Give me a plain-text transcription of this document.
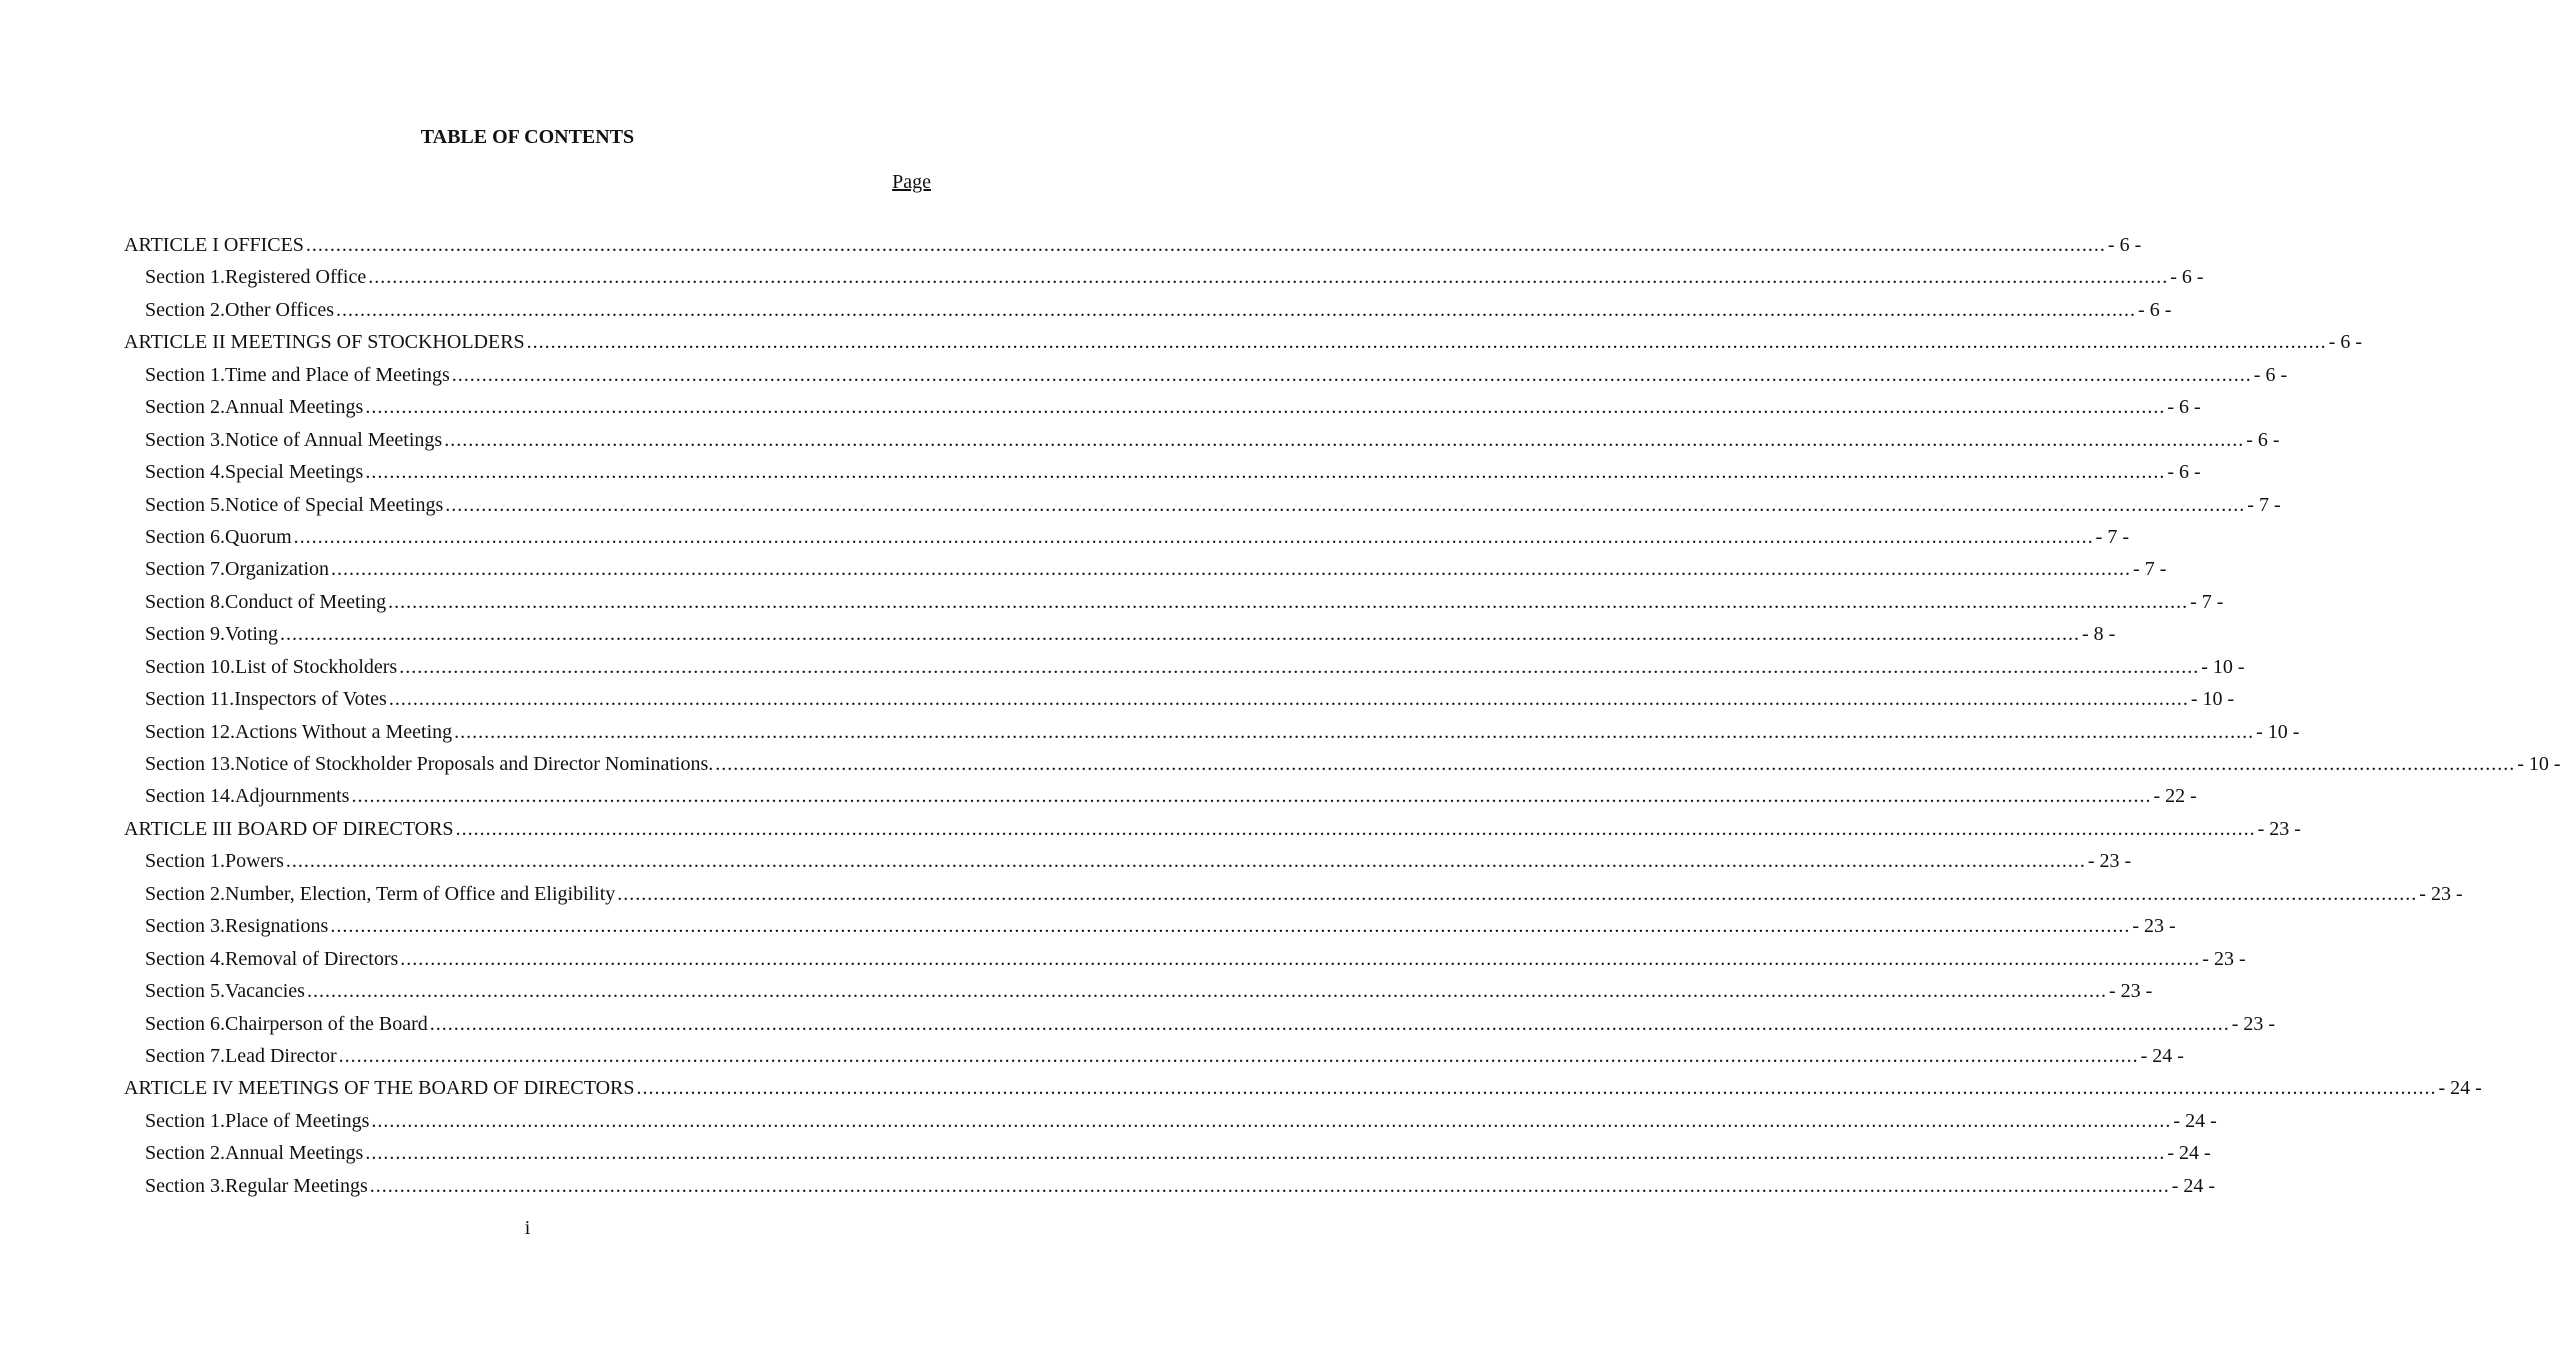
TABLE OF CONTENTS
Page
ARTICLE I OFFICES ............................................................................................................................................................................................................................................................................................................ - 6 -
Section 1. Registered Office ............................................................................................................................................................................................................................................................................................................ - 6 -
Section 2. Other Offices ............................................................................................................................................................................................................................................................................................................ - 6 -
ARTICLE II MEETINGS OF STOCKHOLDERS ............................................................................................................................................................................................................................................................................................................ - 6 -
Section 1. Time and Place of Meetings ............................................................................................................................................................................................................................................................................................................ - 6 -
Section 2. Annual Meetings ............................................................................................................................................................................................................................................................................................................ - 6 -
Section 3. Notice of Annual Meetings ............................................................................................................................................................................................................................................................................................................ - 6 -
Section 4. Special Meetings ............................................................................................................................................................................................................................................................................................................ - 6 -
Section 5. Notice of Special Meetings ............................................................................................................................................................................................................................................................................................................ - 7 -
Section 6. Quorum ............................................................................................................................................................................................................................................................................................................ - 7 -
Section 7. Organization ............................................................................................................................................................................................................................................................................................................ - 7 -
Section 8. Conduct of Meeting ............................................................................................................................................................................................................................................................................................................ - 7 -
Section 9. Voting ............................................................................................................................................................................................................................................................................................................ - 8 -
Section 10. List of Stockholders ............................................................................................................................................................................................................................................................................................................ - 10 -
Section 11. Inspectors of Votes ............................................................................................................................................................................................................................................................................................................ - 10 -
Section 12. Actions Without a Meeting ............................................................................................................................................................................................................................................................................................................ - 10 -
Section 13. Notice of Stockholder Proposals and Director Nominations. ............................................................................................................................................................................................................................................................................................................ - 10 -
Section 14. Adjournments ............................................................................................................................................................................................................................................................................................................ - 22 -
ARTICLE III BOARD OF DIRECTORS ............................................................................................................................................................................................................................................................................................................ - 23 -
Section 1. Powers ............................................................................................................................................................................................................................................................................................................ - 23 -
Section 2. Number, Election, Term of Office and Eligibility ............................................................................................................................................................................................................................................................................................................ - 23 -
Section 3. Resignations ............................................................................................................................................................................................................................................................................................................ - 23 -
Section 4. Removal of Directors ............................................................................................................................................................................................................................................................................................................ - 23 -
Section 5. Vacancies ............................................................................................................................................................................................................................................................................................................ - 23 -
Section 6. Chairperson of the Board ............................................................................................................................................................................................................................................................................................................ - 23 -
Section 7. Lead Director ............................................................................................................................................................................................................................................................................................................ - 24 -
ARTICLE IV MEETINGS OF THE BOARD OF DIRECTORS ............................................................................................................................................................................................................................................................................................................ - 24 -
Section 1. Place of Meetings ............................................................................................................................................................................................................................................................................................................ - 24 -
Section 2. Annual Meetings ............................................................................................................................................................................................................................................................................................................ - 24 -
Section 3. Regular Meetings ............................................................................................................................................................................................................................................................................................................ - 24 -
i
